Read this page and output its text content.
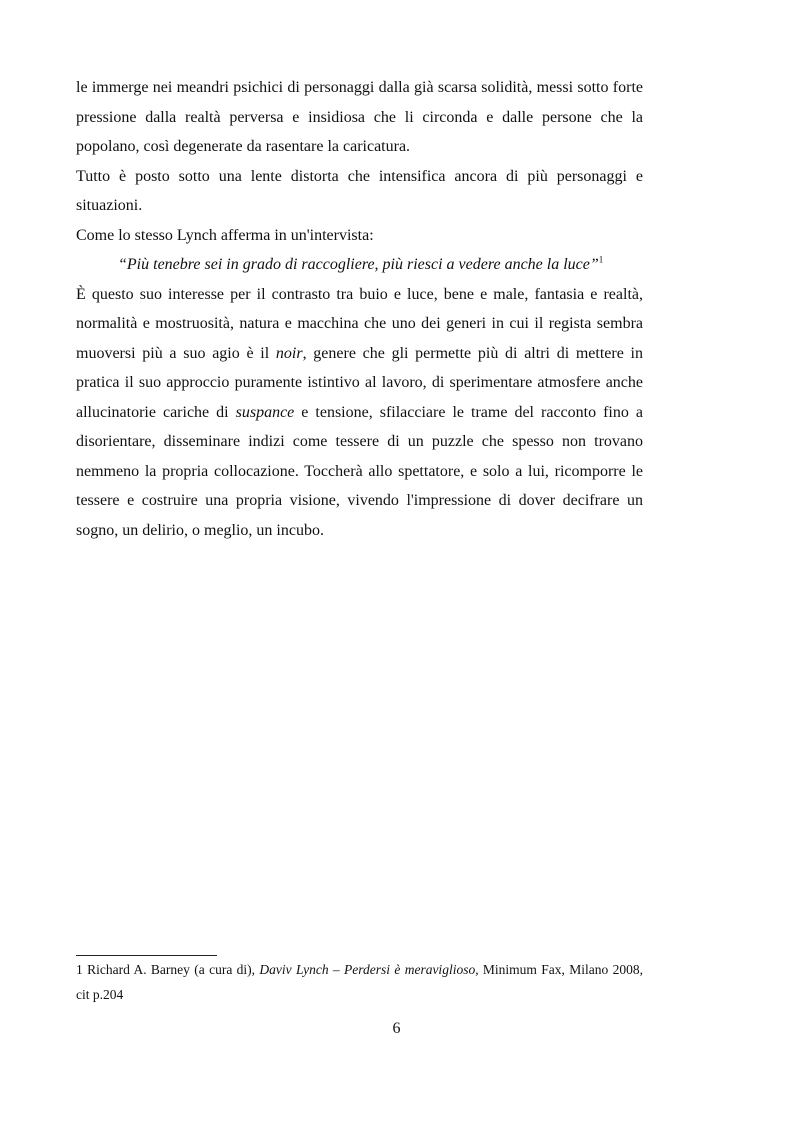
le immerge nei meandri psichici di personaggi dalla già scarsa solidità, messi sotto forte pressione dalla realtà perversa e insidiosa che li circonda e dalle persone che la popolano, così degenerate da rasentare la caricatura.

Tutto è posto sotto una lente distorta che intensifica ancora di più personaggi e situazioni.

Come lo stesso Lynch afferma in un'intervista:

“Più tenebre sei in grado di raccogliere, più riesci a vedere anche la luce”$^1$

È questo suo interesse per il contrasto tra buio e luce, bene e male, fantasia e realtà, normalità e mostruosità, natura e macchina che uno dei generi in cui il regista sembra muoversi più a suo agio è il noir, genere che gli permette più di altri di mettere in pratica il suo approccio puramente istintivo al lavoro, di sperimentare atmosfere anche allucinatorie cariche di suspance e tensione, sfilacciare le trame del racconto fino a disorientare, disseminare indizi come tessere di un puzzle che spesso non trovano nemmeno la propria collocazione. Toccherà allo spettatore, e solo a lui, ricomporre le tessere e costruire una propria visione, vivendo l'impressione di dover decifrare un sogno, un delirio, o meglio, un incubo.

1 Richard A. Barney (a cura di), Daviv Lynch – Perdersi è meraviglioso, Minimum Fax, Milano 2008, cit p.204
6
